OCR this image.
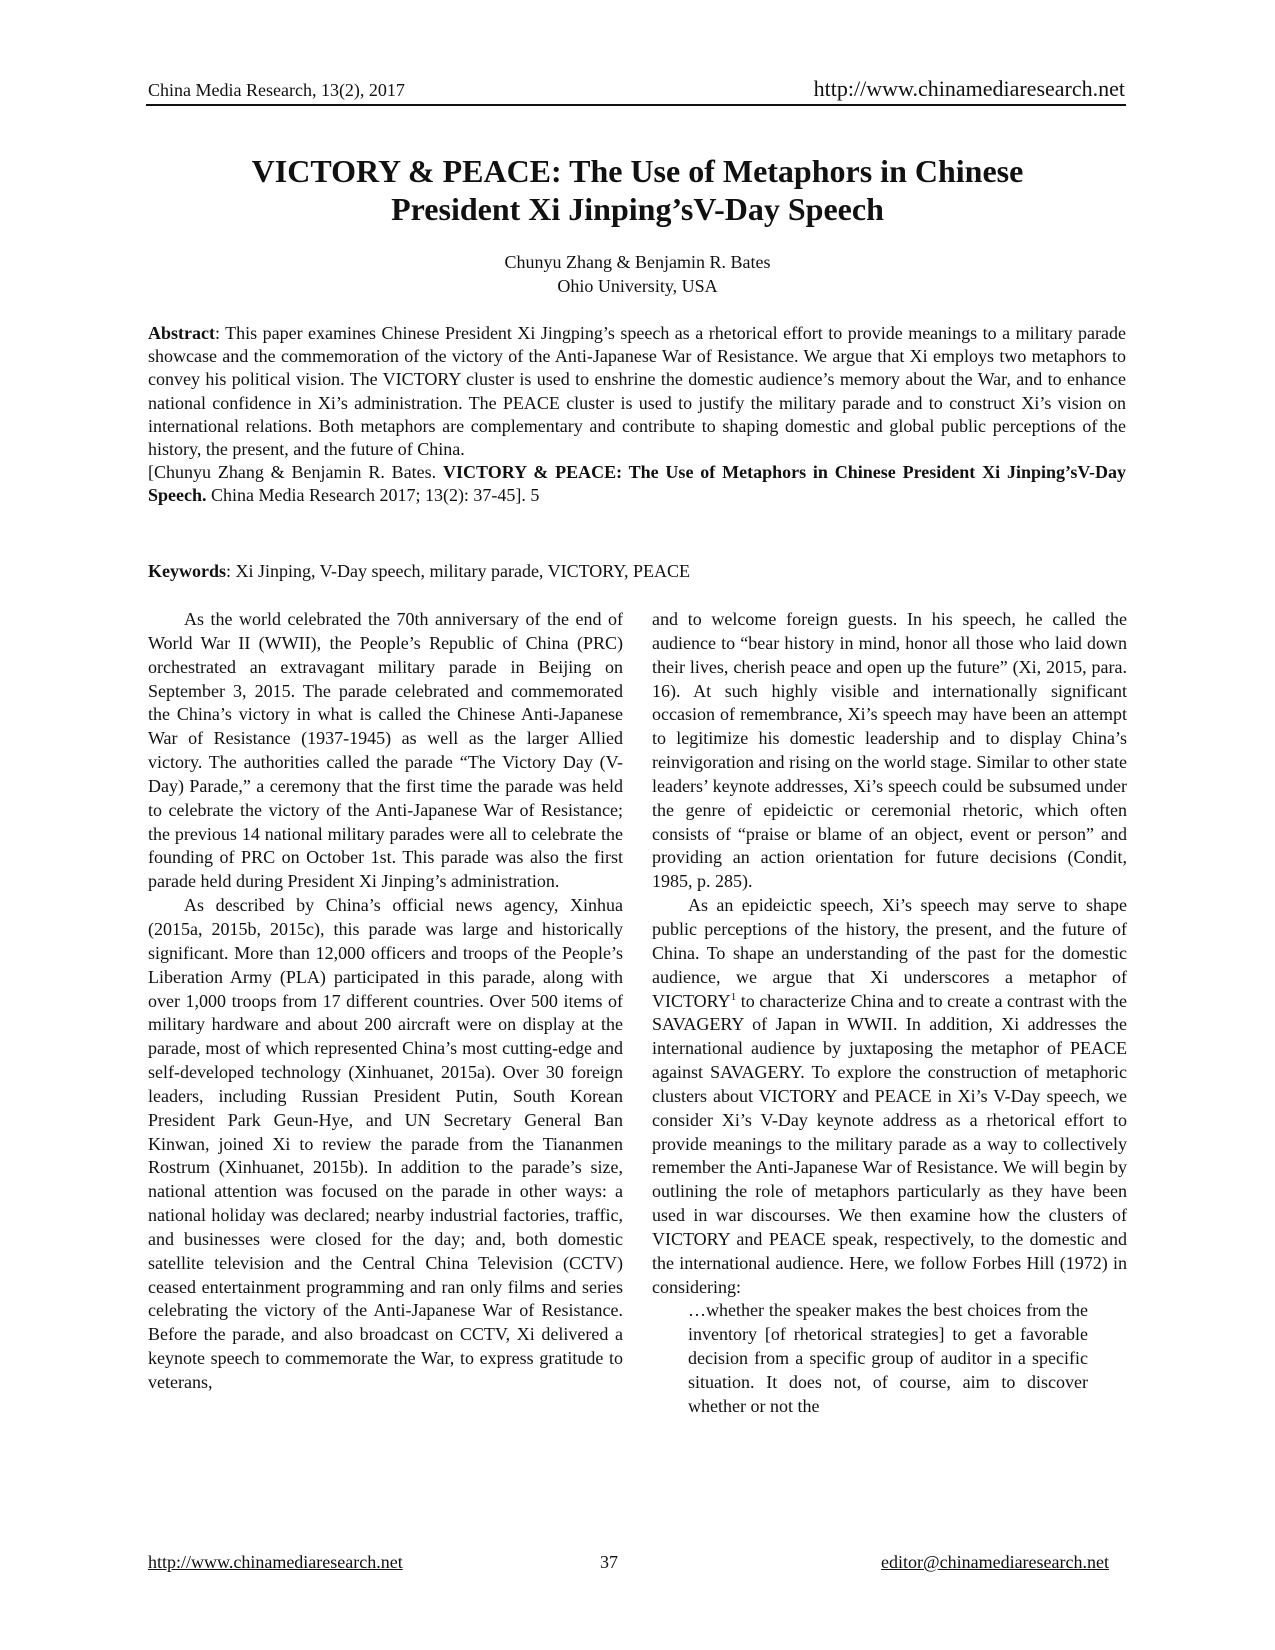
China Media Research, 13(2), 2017	http://www.chinamediaresearch.net
VICTORY & PEACE: The Use of Metaphors in Chinese
President Xi Jinping’sV-Day Speech
Chunyu Zhang & Benjamin R. Bates
Ohio University, USA

Abstract: This paper examines Chinese President Xi Jingping’s speech as a rhetorical effort to provide meanings to a military parade showcase and the commemoration of the victory of the Anti-Japanese War of Resistance. We argue that Xi employs two metaphors to convey his political vision. The VICTORY cluster is used to enshrine the domestic audience’s memory about the War, and to enhance national confidence in Xi’s administration. The PEACE cluster is used to justify the military parade and to construct Xi’s vision on international relations. Both metaphors are complementary and contribute to shaping domestic and global public perceptions of the history, the present, and the future of China.

[Chunyu Zhang & Benjamin R. Bates. VICTORY & PEACE: The Use of Metaphors in Chinese President Xi Jinping’sV-Day Speech. China Media Research 2017; 13(2): 37-45]. 5

Keywords: Xi Jinping, V-Day speech, military parade, VICTORY, PEACE

As the world celebrated the 70th anniversary of the end of World War II (WWII), the People’s Republic of China (PRC) orchestrated an extravagant military parade in Beijing on September 3, 2015. The parade celebrated and commemorated the China’s victory in what is called the Chinese Anti-Japanese War of Resistance (1937-1945) as well as the larger Allied victory. The authorities called the parade “The Victory Day (V-Day) Parade,” a ceremony that the first time the parade was held to celebrate the victory of the Anti-Japanese War of Resistance; the previous 14 national military parades were all to celebrate the founding of PRC on October 1st. This parade was also the first parade held during President Xi Jinping’s administration.

As described by China’s official news agency, Xinhua (2015a, 2015b, 2015c), this parade was large and historically significant. More than 12,000 officers and troops of the People’s Liberation Army (PLA) participated in this parade, along with over 1,000 troops from 17 different countries. Over 500 items of military hardware and about 200 aircraft were on display at the parade, most of which represented China’s most cutting-edge and self-developed technology (Xinhuanet, 2015a). Over 30 foreign leaders, including Russian President Putin, South Korean President Park Geun-Hye, and UN Secretary General Ban Kinwan, joined Xi to review the parade from the Tiananmen Rostrum (Xinhuanet, 2015b). In addition to the parade’s size, national attention was focused on the parade in other ways: a national holiday was declared; nearby industrial factories, traffic, and businesses were closed for the day; and, both domestic satellite television and the Central China Television (CCTV) ceased entertainment programming and ran only films and series celebrating the victory of the Anti-Japanese War of Resistance. Before the parade, and also broadcast on CCTV, Xi delivered a keynote speech to commemorate the War, to express gratitude to veterans,

and to welcome foreign guests. In his speech, he called the audience to “bear history in mind, honor all those who laid down their lives, cherish peace and open up the future” (Xi, 2015, para. 16). At such highly visible and internationally significant occasion of remembrance, Xi’s speech may have been an attempt to legitimize his domestic leadership and to display China’s reinvigoration and rising on the world stage. Similar to other state leaders’ keynote addresses, Xi’s speech could be subsumed under the genre of epideictic or ceremonial rhetoric, which often consists of “praise or blame of an object, event or person” and providing an action orientation for future decisions (Condit, 1985, p. 285).

As an epideictic speech, Xi’s speech may serve to shape public perceptions of the history, the present, and the future of China. To shape an understanding of the past for the domestic audience, we argue that Xi underscores a metaphor of VICTORY$^1$ to characterize China and to create a contrast with the SAVAGERY of Japan in WWII. In addition, Xi addresses the international audience by juxtaposing the metaphor of PEACE against SAVAGERY. To explore the construction of metaphoric clusters about VICTORY and PEACE in Xi’s V-Day speech, we consider Xi’s V-Day keynote address as a rhetorical effort to provide meanings to the military parade as a way to collectively remember the Anti-Japanese War of Resistance. We will begin by outlining the role of metaphors particularly as they have been used in war discourses. We then examine how the clusters of VICTORY and PEACE speak, respectively, to the domestic and the international audience. Here, we follow Forbes Hill (1972) in considering:

…whether the speaker makes the best choices from the inventory [of rhetorical strategies] to get a favorable decision from a specific group of auditor in a specific situation. It does not, of course, aim to discover whether or not the

http://www.chinamediaresearch.net	37	editor@chinamediaresearch.net
